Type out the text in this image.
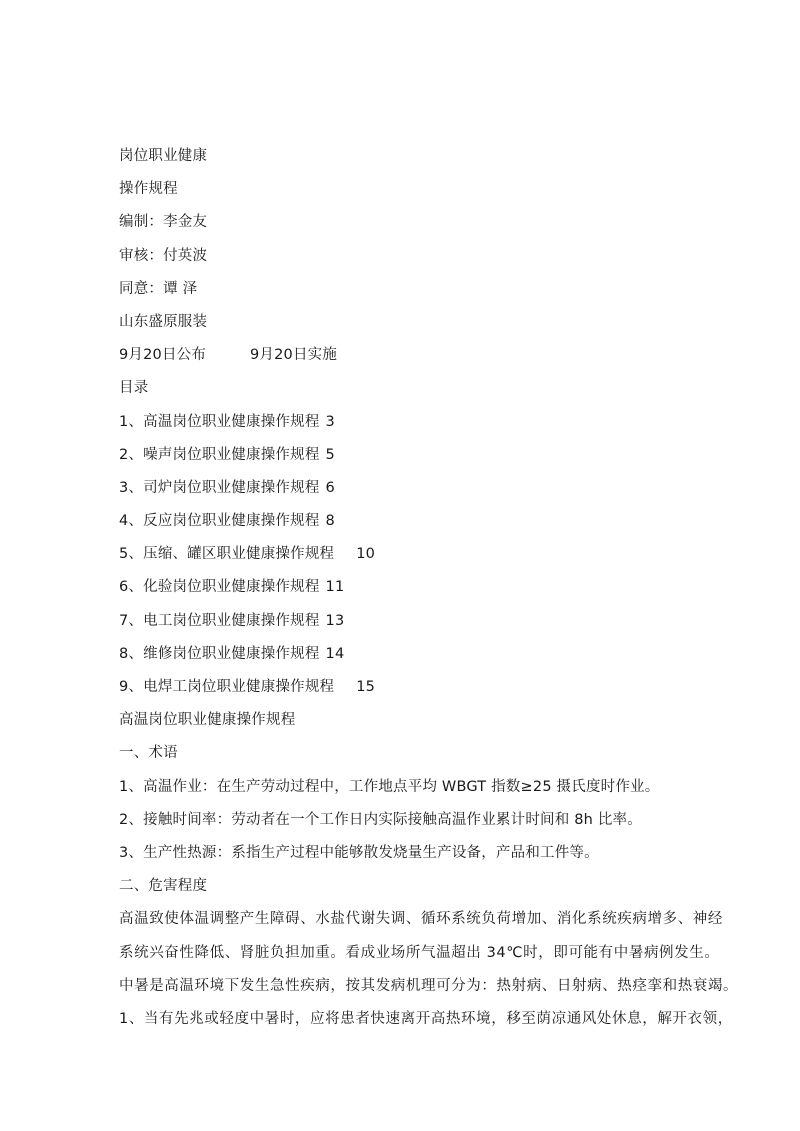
岗位职业健康
操作规程
编制：李金友
审核：付英波
同意：谭 泽
山东盛原服装
9月20日公布	9月20日实施
目录
1、高温岗位职业健康操作规程 3
2、噪声岗位职业健康操作规程 5
3、司炉岗位职业健康操作规程 6
4、反应岗位职业健康操作规程 8
5、压缩、罐区职业健康操作规程 10
6、化验岗位职业健康操作规程 11
7、电工岗位职业健康操作规程 13
8、维修岗位职业健康操作规程 14
9、电焊工岗位职业健康操作规程 15
高温岗位职业健康操作规程
一、术语
1、高温作业：在生产劳动过程中，工作地点平均 WBGT 指数≥25 摄氏度时作业。
2、接触时间率：劳动者在一个工作日内实际接触高温作业累计时间和 8h 比率。
3、生产性热源：系指生产过程中能够散发烧量生产设备，产品和工件等。
二、危害程度
高温致使体温调整产生障碍、水盐代谢失调、循环系统负荷增加、消化系统疾病增多、神经
系统兴奋性降低、肾脏负担加重。看成业场所气温超出 34℃时，即可能有中暑病例发生。
中暑是高温环境下发生急性疾病，按其发病机理可分为：热射病、日射病、热痉挛和热衰竭。
1、当有先兆或轻度中暑时，应将患者快速离开高热环境，移至荫凉通风处休息，解开衣领，
